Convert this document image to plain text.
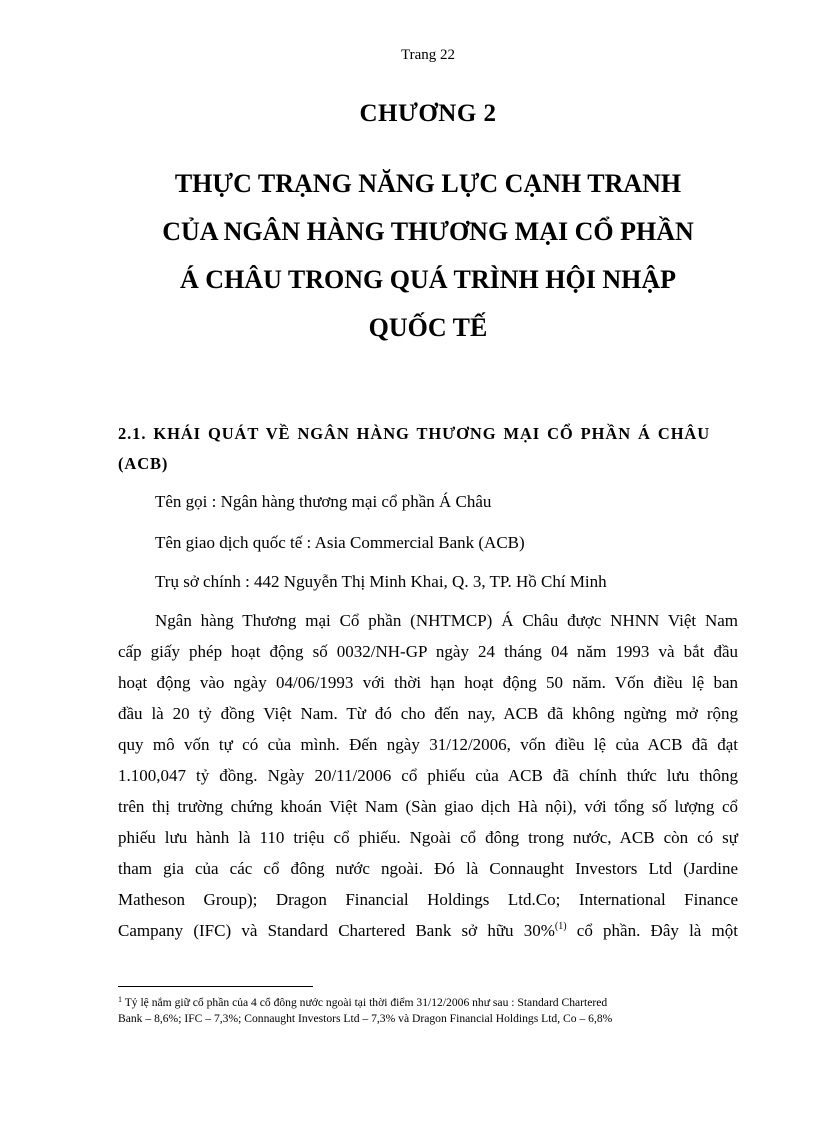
Trang 22
CHƯƠNG 2
THỰC TRẠNG NĂNG LỰC CẠNH TRANH
CỦA NGÂN HÀNG THƯƠNG MẠI CỔ PHẦN
Á CHÂU TRONG QUÁ TRÌNH HỘI NHẬP
QUỐC TẾ
2.1. KHÁI QUÁT VỀ NGÂN HÀNG THƯƠNG MẠI CỔ PHẦN Á CHÂU
(ACB)
Tên gọi : Ngân hàng thương mại cổ phần Á Châu
Tên giao dịch quốc tế : Asia Commercial Bank (ACB)
Trụ sở chính : 442 Nguyễn Thị Minh Khai, Q. 3, TP. Hồ Chí Minh
Ngân hàng Thương mại Cổ phần (NHTMCP) Á Châu được NHNN Việt Nam
cấp giấy phép hoạt động số 0032/NH-GP ngày 24 tháng 04 năm 1993 và bắt đầu
hoạt động vào ngày 04/06/1993 với thời hạn hoạt động 50 năm. Vốn điều lệ ban
đầu là 20 tỷ đồng Việt Nam. Từ đó cho đến nay, ACB đã không ngừng mở rộng
quy mô vốn tự có của mình. Đến ngày 31/12/2006, vốn điều lệ của ACB đã đạt
1.100,047 tỷ đồng. Ngày 20/11/2006 cổ phiếu của ACB đã chính thức lưu thông
trên thị trường chứng khoán Việt Nam (Sàn giao dịch Hà nội), với tổng số lượng cổ
phiếu lưu hành là 110 triệu cổ phiếu. Ngoài cổ đông trong nước, ACB còn có sự
tham gia của các cổ đông nước ngoài. Đó là Connaught Investors Ltd (Jardine
Matheson Group); Dragon Financial Holdings Ltd.Co; International Finance
Campany (IFC) và Standard Chartered Bank sở hữu 30%$^{(1)}$ cổ phần. Đây là một
$^1$ Tỷ lệ nắm giữ cổ phần của 4 cổ đông nước ngoài tại thời điểm 31/12/2006 như sau : Standard Chartered
Bank – 8,6%; IFC – 7,3%; Connaught Investors Ltd – 7,3% và Dragon Financial Holdings Ltd, Co – 6,8%
